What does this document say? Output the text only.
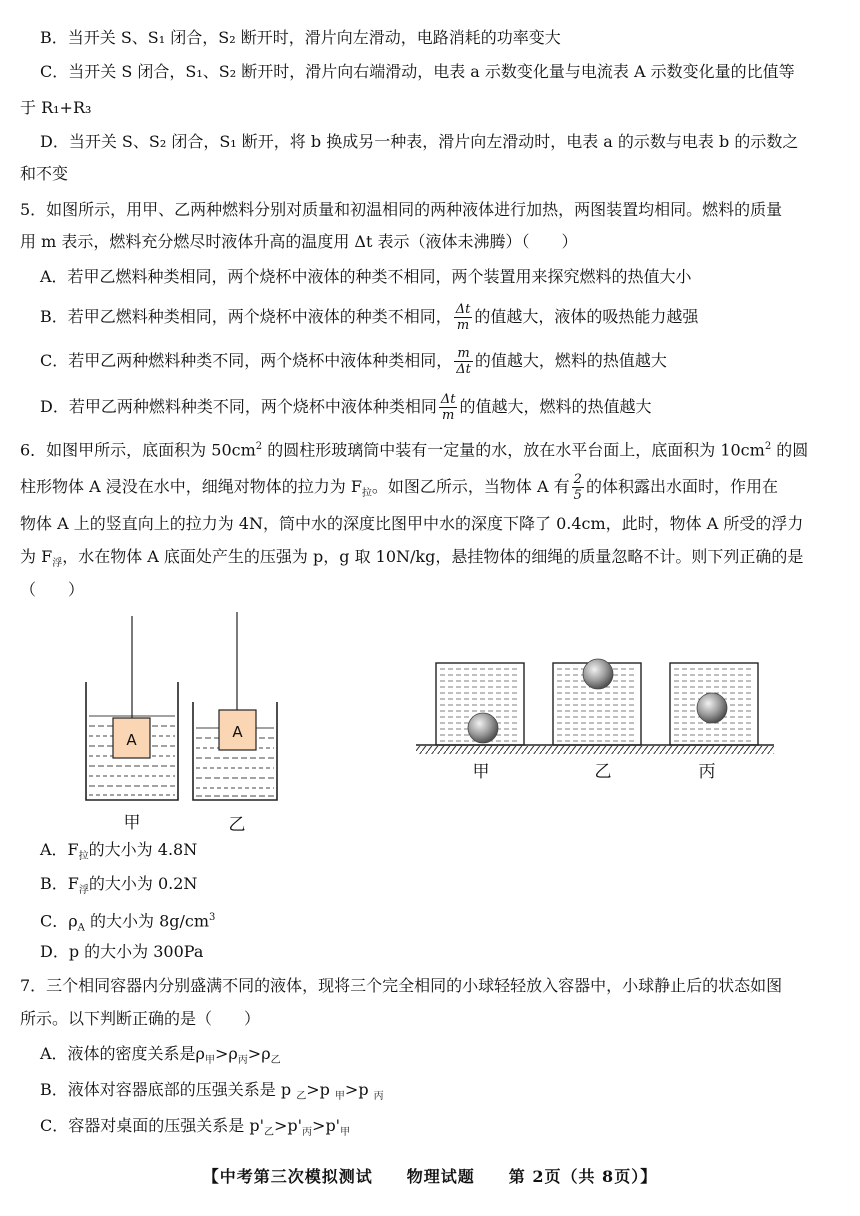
B．当开关 S、S₁ 闭合，S₂ 断开时，滑片向左滑动，电路消耗的功率变大
C．当开关 S 闭合，S₁、S₂ 断开时，滑片向右端滑动，电表 a 示数变化量与电流表 A 示数变化量的比值等
于 R₁+R₃
D．当开关 S、S₂ 闭合，S₁ 断开，将 b 换成另一种表，滑片向左滑动时，电表 a 的示数与电表 b 的示数之
和不变
5．如图所示，用甲、乙两种燃料分别对质量和初温相同的两种液体进行加热，两图装置均相同。燃料的质量
用 m 表示，燃料充分燃尽时液体升高的温度用 Δt 表示（液体未沸腾）（　　）
A．若甲乙燃料种类相同，两个烧杯中液体的种类不相同，两个装置用来探究燃料的热值大小
B．若甲乙燃料种类相同，两个烧杯中液体的种类不相同， $\frac{\Delta t}{m}$ 的值越大，液体的吸热能力越强
C．若甲乙两种燃料种类不同，两个烧杯中液体种类相同， $\frac{m}{\Delta t}$ 的值越大，燃料的热值越大
D．若甲乙两种燃料种类不同，两个烧杯中液体种类相同 $\frac{\Delta t}{m}$ 的值越大，燃料的热值越大
6．如图甲所示，底面积为 $50cm^2$ 的圆柱形玻璃筒中装有一定量的水，放在水平台面上，底面积为 $10cm^2$ 的圆
柱形物体 A 浸没在水中，细绳对物体的拉力为 $F_拉$。如图乙所示，当物体 A 有 $\frac{2}{5}$ 的体积露出水面时，作用在
物体 A 上的竖直向上的拉力为 4N，筒中水的深度比图甲中水的深度下降了 0.4cm，此时，物体 A 所受的浮力
为 $F_浮$，水在物体 A 底面处产生的压强为 p，g 取 10N/kg，悬挂物体的细绳的质量忽略不计。则下列正确的是
（　　）
A	A
甲	乙
甲	乙	丙
A．$F_拉$的大小为 4.8N
B．$F_浮$的大小为 0.2N
C．$\rho_A$ 的大小为 $8g/cm^3$
D．p 的大小为 300Pa
7．三个相同容器内分别盛满不同的液体，现将三个完全相同的小球轻轻放入容器中，小球静止后的状态如图
所示。以下判断正确的是（　　）
A．液体的密度关系是$\rho_甲>\rho_丙>\rho_乙$
B．液体对容器底部的压强关系是 p $_乙$>p $_甲$>p $_丙$
C．容器对桌面的压强关系是 $p'_乙>p'_丙>p'_甲$
【中考第三次模拟测试　　物理试题　　第 2页（共 8页）】
